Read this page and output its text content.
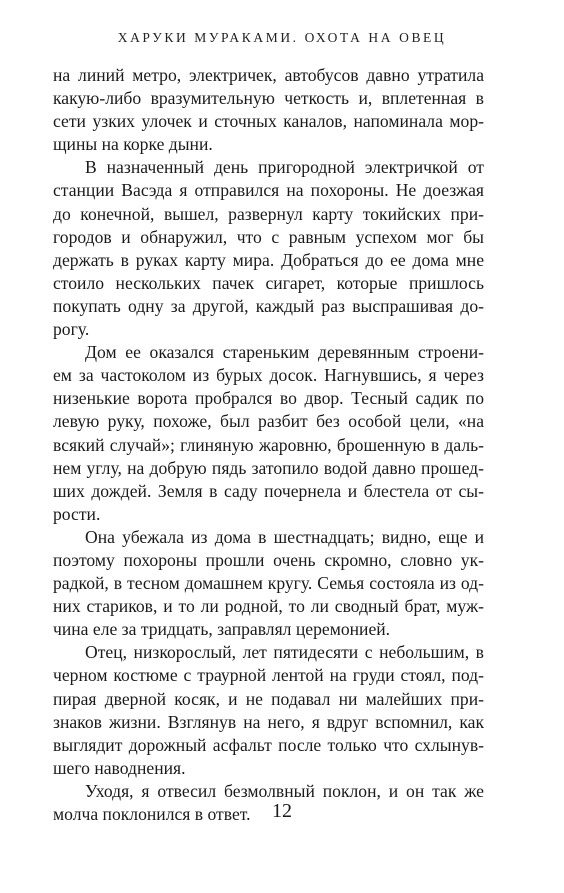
ХАРУКИ МУРАКАМИ. ОХОТА НА ОВЕЦ
на линий метро, электричек, автобусов давно утратила
какую-либо вразумительную четкость и, вплетенная в
сети узких улочек и сточных каналов, напоминала мор-
щины на корке дыни.
В назначенный день пригородной электричкой от
станции Васэда я отправился на похороны. Не доезжая
до конечной, вышел, развернул карту токийских при-
городов и обнаружил, что с равным успехом мог бы
держать в руках карту мира. Добраться до ее дома мне
стоило нескольких пачек сигарет, которые пришлось
покупать одну за другой, каждый раз выспрашивая до-
рогу.
Дом ее оказался стареньким деревянным строени-
ем за частоколом из бурых досок. Нагнувшись, я через
низенькие ворота пробрался во двор. Тесный садик по
левую руку, похоже, был разбит без особой цели, «на
всякий случай»; глиняную жаровню, брошенную в даль-
нем углу, на добрую пядь затопило водой давно прошед-
ших дождей. Земля в саду почернела и блестела от сы-
рости.
Она убежала из дома в шестнадцать; видно, еще и
поэтому похороны прошли очень скромно, словно ук-
радкой, в тесном домашнем кругу. Семья состояла из од-
них стариков, и то ли родной, то ли сводный брат, муж-
чина еле за тридцать, заправлял церемонией.
Отец, низкорослый, лет пятидесяти с небольшим, в
черном костюме с траурной лентой на груди стоял, под-
пирая дверной косяк, и не подавал ни малейших при-
знаков жизни. Взглянув на него, я вдруг вспомнил, как
выглядит дорожный асфальт после только что схлынув-
шего наводнения.
Уходя, я отвесил безмолвный поклон, и он так же
молча поклонился в ответ.	12
